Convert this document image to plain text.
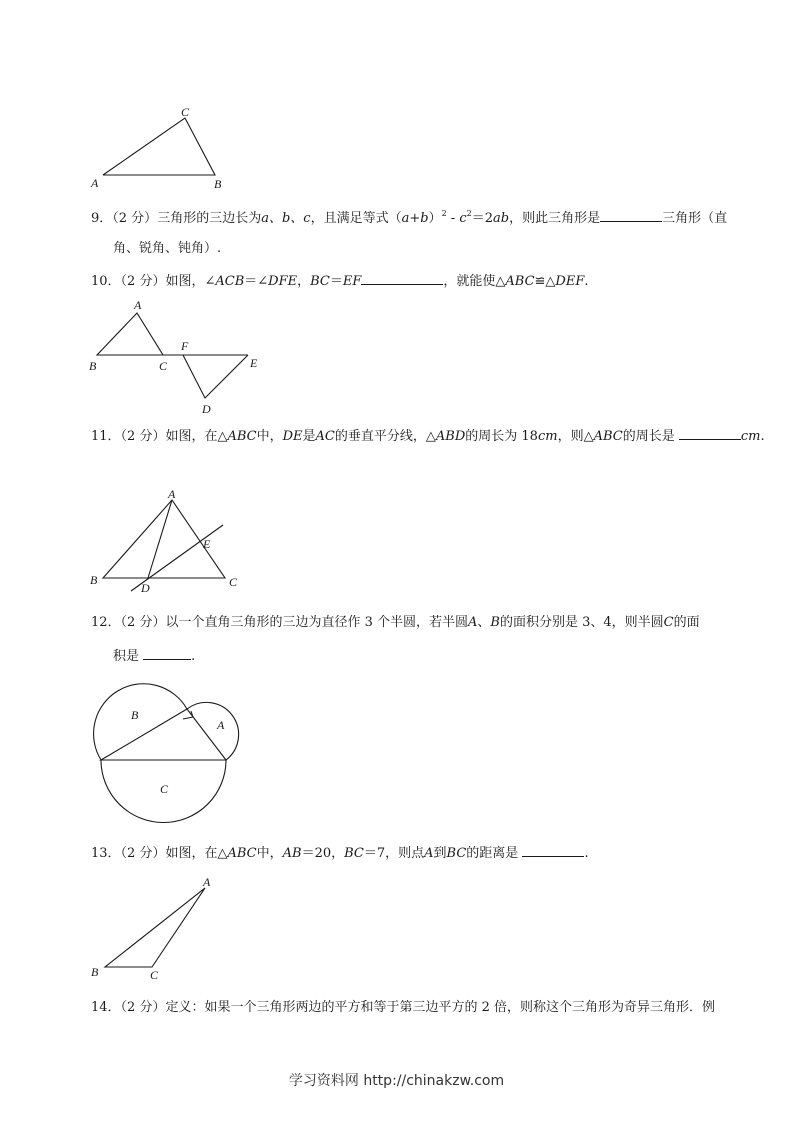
A	B
C
9．（2 分）三角形的三边长为a、b、c，且满足等式$(a+b)^2 - c^2=2ab$，则此三角形是	三角形（直
角、锐角、钝角）.
10．（2 分）如图，∠ACB＝∠DFE，BC＝EF	，就能使△ABC≌△DEF.
A
B	C
F
E
D
11．（2 分）如图，在△ABC中，DE是AC的垂直平分线，△ABD的周长为 18cm，则△ABC的周长是	cm.
A
B	C
D
E
12．（2 分）以一个直角三角形的三边为直径作 3 个半圆，若半圆A、B的面积分别是 3、4，则半圆C的面
积是	.
B
A
C
13．（2 分）如图，在△ABC中，AB＝20，BC＝7，则点A到BC的距离是	.
A
B	C
14．（2 分）定义：如果一个三角形两边的平方和等于第三边平方的 2 倍，则称这个三角形为奇异三角形．例
学习资料网 http://chinakzw.com
